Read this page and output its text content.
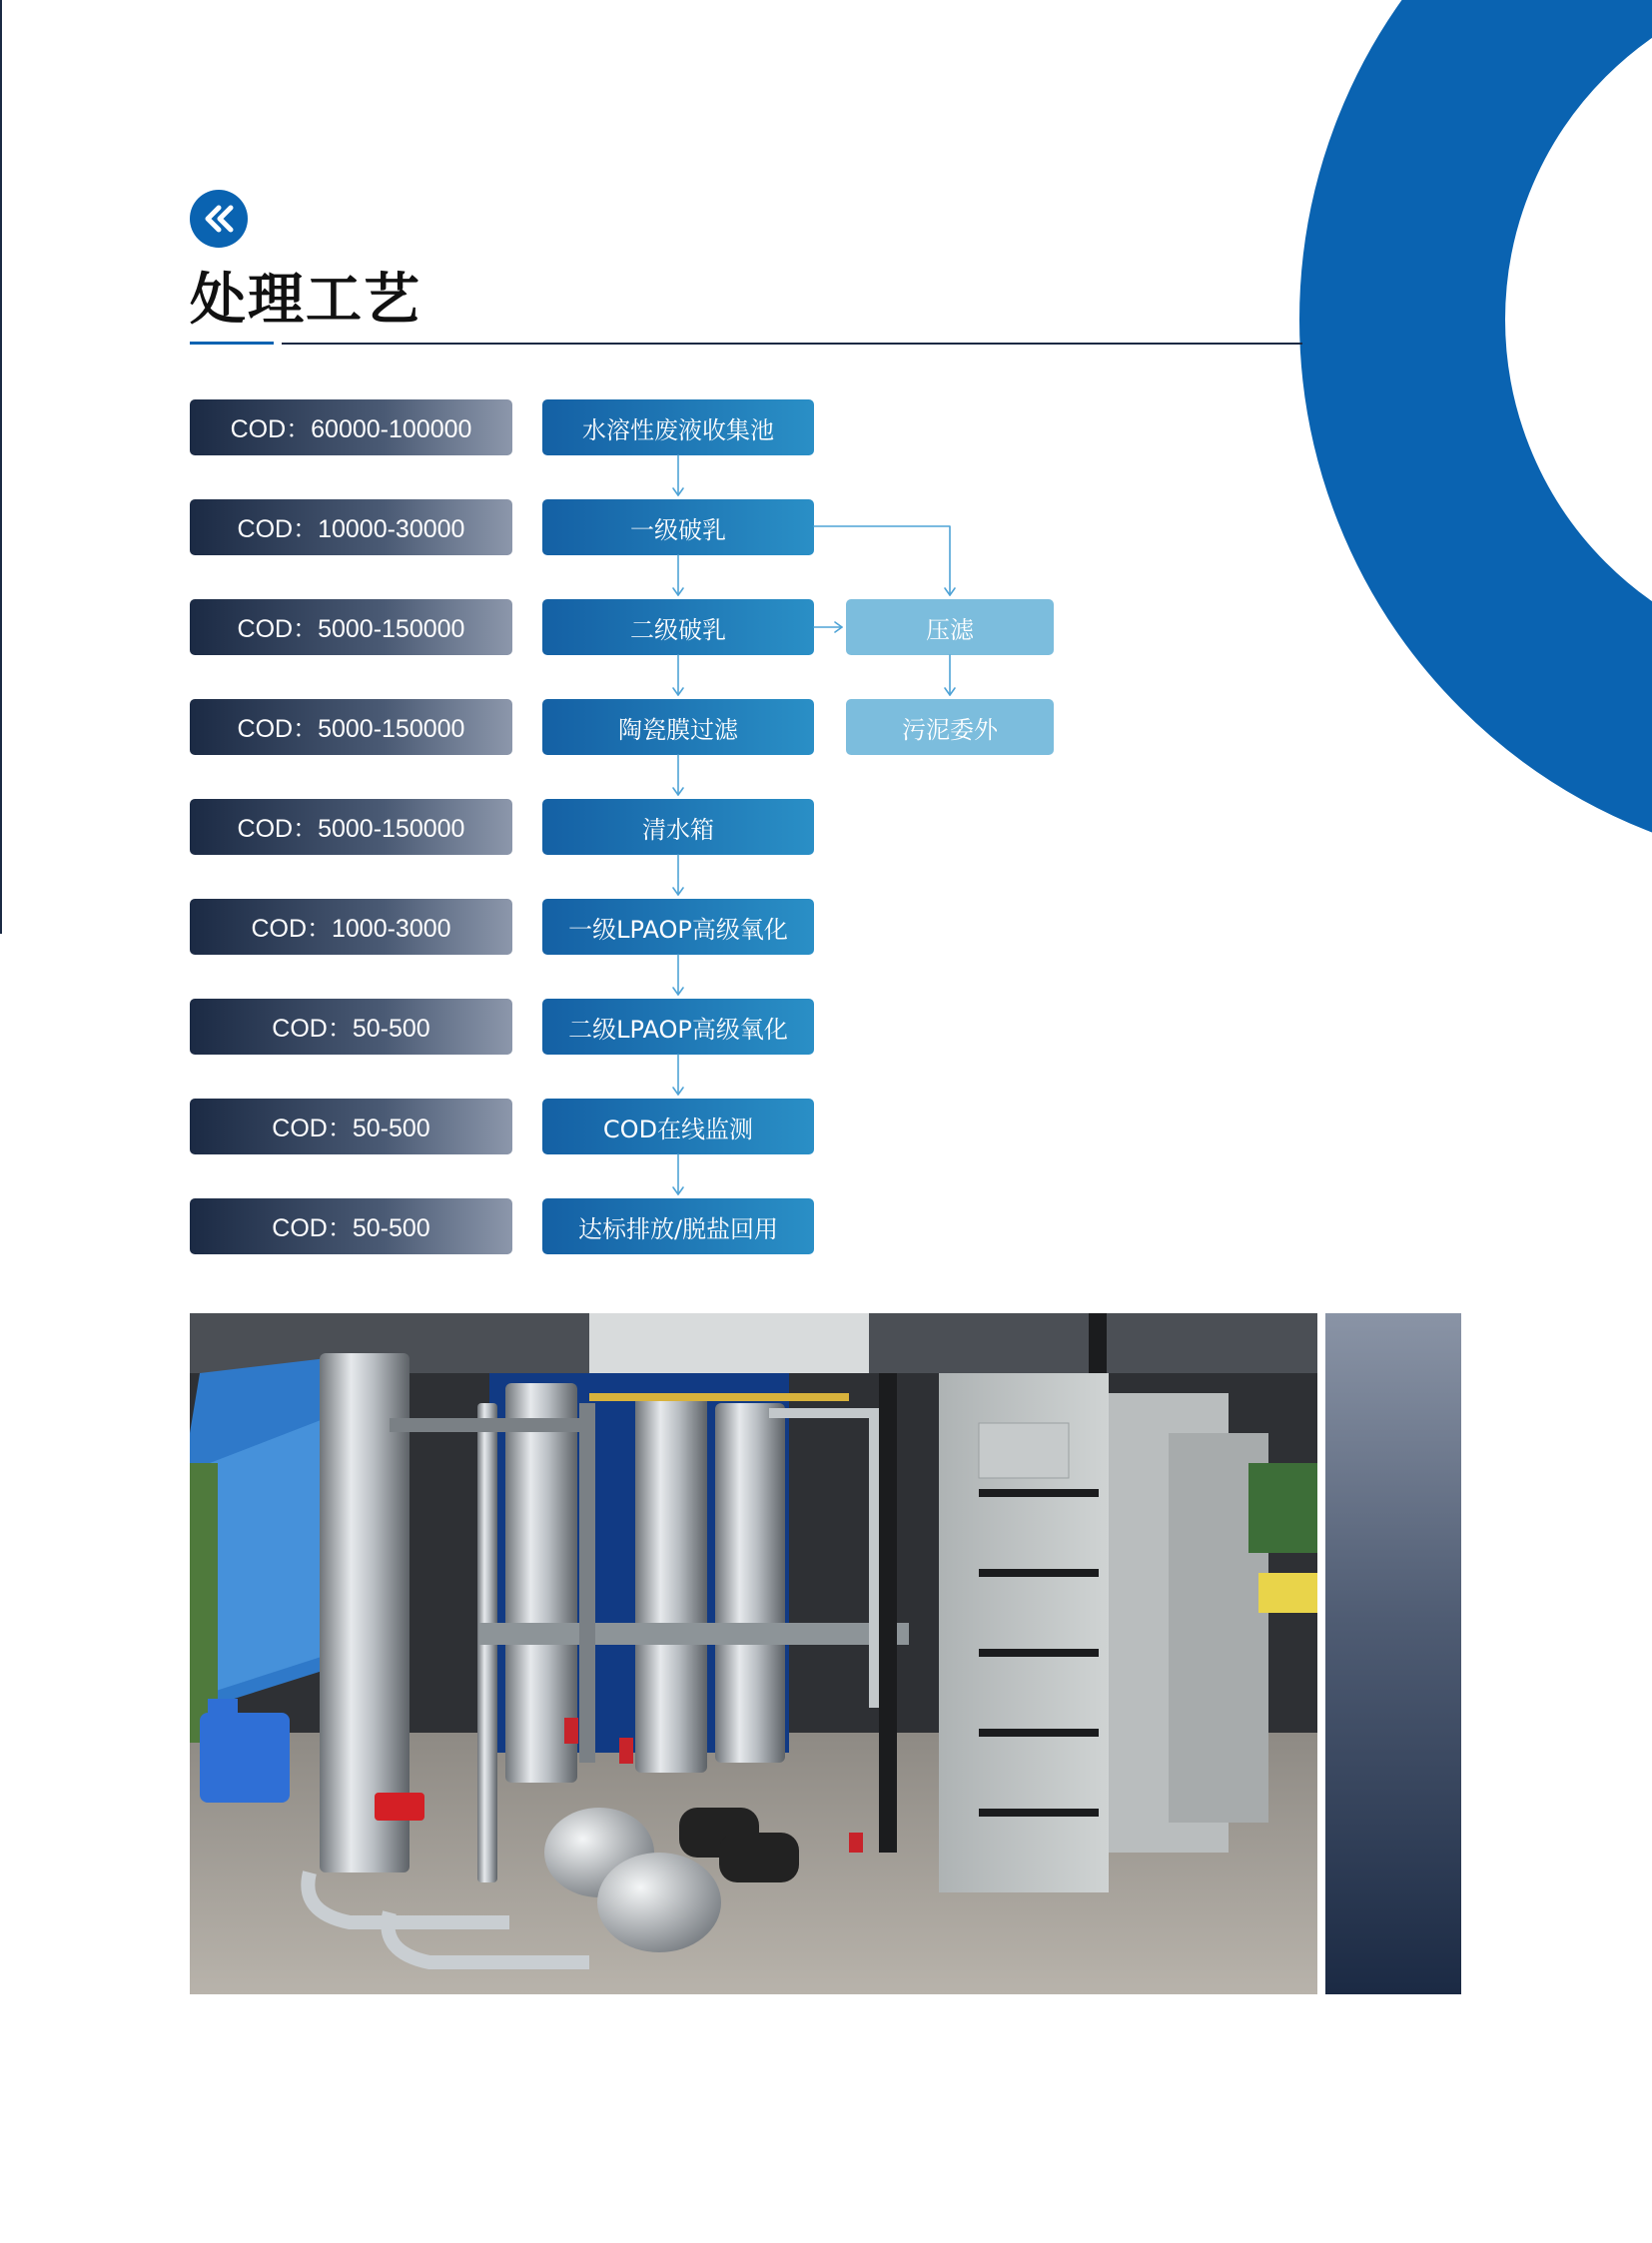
处理工艺
COD：60000-100000
COD：10000-30000
COD：5000-150000
COD：5000-150000
COD：5000-150000
COD：1000-3000
COD：50-500
COD：50-500
COD：50-500
水溶性废液收集池
一级破乳
二级破乳
陶瓷膜过滤
清水箱
一级LPAOP高级氧化
二级LPAOP高级氧化
COD在线监测
达标排放/脱盐回用
压滤
污泥委外
